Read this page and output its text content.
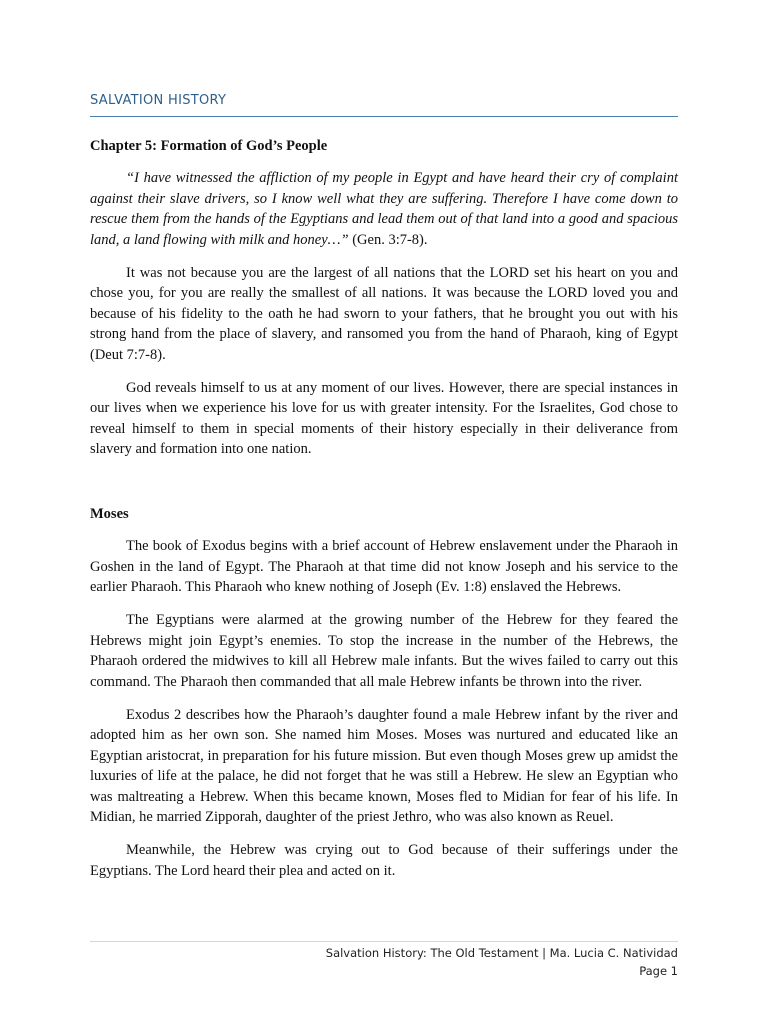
SALVATION HISTORY
Chapter 5: Formation of God’s People

“I have witnessed the affliction of my people in Egypt and have heard their cry of complaint against their slave drivers, so I know well what they are suffering. Therefore I have come down to rescue them from the hands of the Egyptians and lead them out of that land into a good and spacious land, a land flowing with milk and honey…” (Gen. 3:7-8).

It was not because you are the largest of all nations that the LORD set his heart on you and chose you, for you are really the smallest of all nations. It was because the LORD loved you and because of his fidelity to the oath he had sworn to your fathers, that he brought you out with his strong hand from the place of slavery, and ransomed you from the hand of Pharaoh, king of Egypt (Deut 7:7-8).

God reveals himself to us at any moment of our lives. However, there are special instances in our lives when we experience his love for us with greater intensity. For the Israelites, God chose to reveal himself to them in special moments of their history especially in their deliverance from slavery and formation into one nation.

Moses

The book of Exodus begins with a brief account of Hebrew enslavement under the Pharaoh in Goshen in the land of Egypt. The Pharaoh at that time did not know Joseph and his service to the earlier Pharaoh. This Pharaoh who knew nothing of Joseph (Ev. 1:8) enslaved the Hebrews.

The Egyptians were alarmed at the growing number of the Hebrew for they feared the Hebrews might join Egypt’s enemies. To stop the increase in the number of the Hebrews, the Pharaoh ordered the midwives to kill all Hebrew male infants. But the wives failed to carry out this command. The Pharaoh then commanded that all male Hebrew infants be thrown into the river.

Exodus 2 describes how the Pharaoh’s daughter found a male Hebrew infant by the river and adopted him as her own son. She named him Moses. Moses was nurtured and educated like an Egyptian aristocrat, in preparation for his future mission. But even though Moses grew up amidst the luxuries of life at the palace, he did not forget that he was still a Hebrew. He slew an Egyptian who was maltreating a Hebrew. When this became known, Moses fled to Midian for fear of his life. In Midian, he married Zipporah, daughter of the priest Jethro, who was also known as Reuel.

Meanwhile, the Hebrew was crying out to God because of their sufferings under the Egyptians. The Lord heard their plea and acted on it.

Salvation History: The Old Testament | Ma. Lucia C. Natividad
Page 1
